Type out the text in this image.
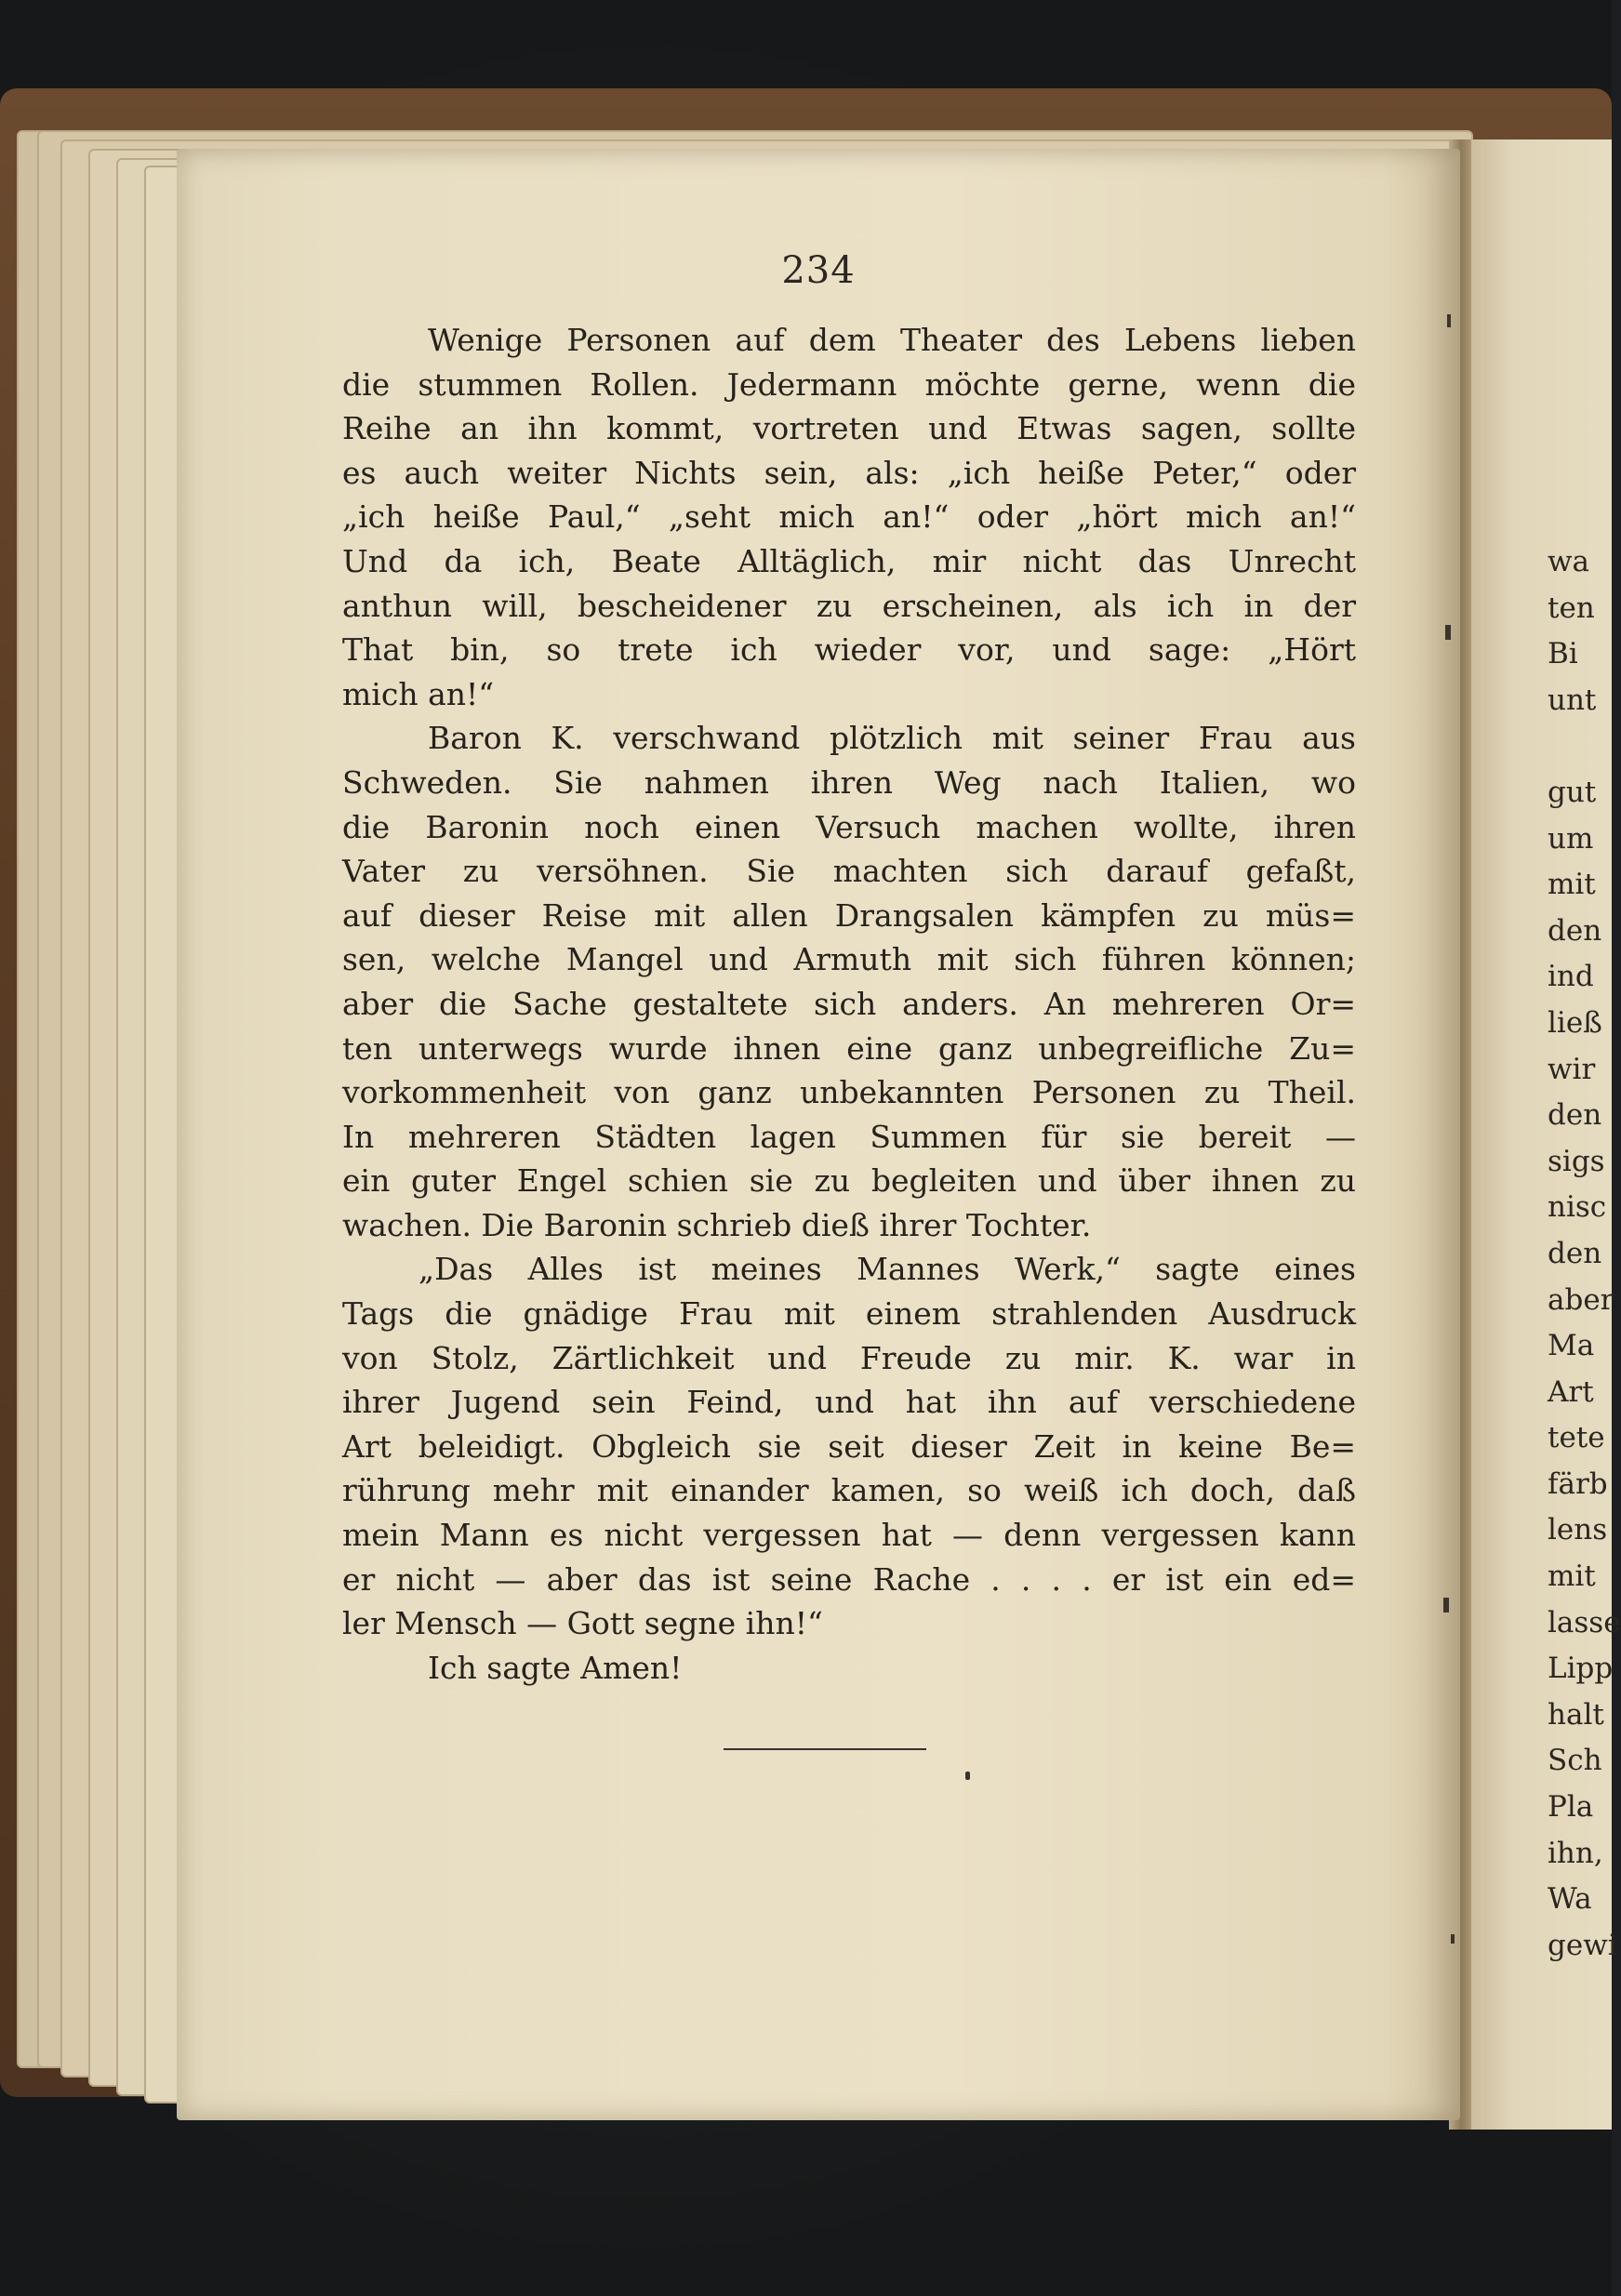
234
Wenige Personen auf dem Theater des Lebens lieben
die stummen Rollen. Jedermann möchte gerne, wenn die
Reihe an ihn kommt, vortreten und Etwas sagen, sollte
es auch weiter Nichts sein, als: „ich heiße Peter,“ oder
„ich heiße Paul,“ „seht mich an!“ oder „hört mich an!“
Und da ich, Beate Alltäglich, mir nicht das Unrecht
anthun will, bescheidener zu erscheinen, als ich in der
That bin, so trete ich wieder vor, und sage: „Hört
mich an!“
Baron K. verschwand plötzlich mit seiner Frau aus
Schweden. Sie nahmen ihren Weg nach Italien, wo
die Baronin noch einen Versuch machen wollte, ihren
Vater zu versöhnen. Sie machten sich darauf gefaßt,
auf dieser Reise mit allen Drangsalen kämpfen zu müs=
sen, welche Mangel und Armuth mit sich führen können;
aber die Sache gestaltete sich anders. An mehreren Or=
ten unterwegs wurde ihnen eine ganz unbegreifliche Zu=
vorkommenheit von ganz unbekannten Personen zu Theil.
In mehreren Städten lagen Summen für sie bereit —
ein guter Engel schien sie zu begleiten und über ihnen zu
wachen. Die Baronin schrieb dieß ihrer Tochter.
„Das Alles ist meines Mannes Werk,“ sagte eines
Tags die gnädige Frau mit einem strahlenden Ausdruck
von Stolz, Zärtlichkeit und Freude zu mir. K. war in
ihrer Jugend sein Feind, und hat ihn auf verschiedene
Art beleidigt. Obgleich sie seit dieser Zeit in keine Be=
rührung mehr mit einander kamen, so weiß ich doch, daß
mein Mann es nicht vergessen hat — denn vergessen kann
er nicht — aber das ist seine Rache . . . . er ist ein ed=
ler Mensch — Gott segne ihn!“
Ich sagte Amen!
wa
ten
Bi
unt
gut
um
mit
den
ind
ließ
wir
den
sigs
nisc
den
aber
Ma
Art
tete
färb
lens
mit
lasse
Lipp
halt
Sch
Pla
ihn,
Wa
gewi
